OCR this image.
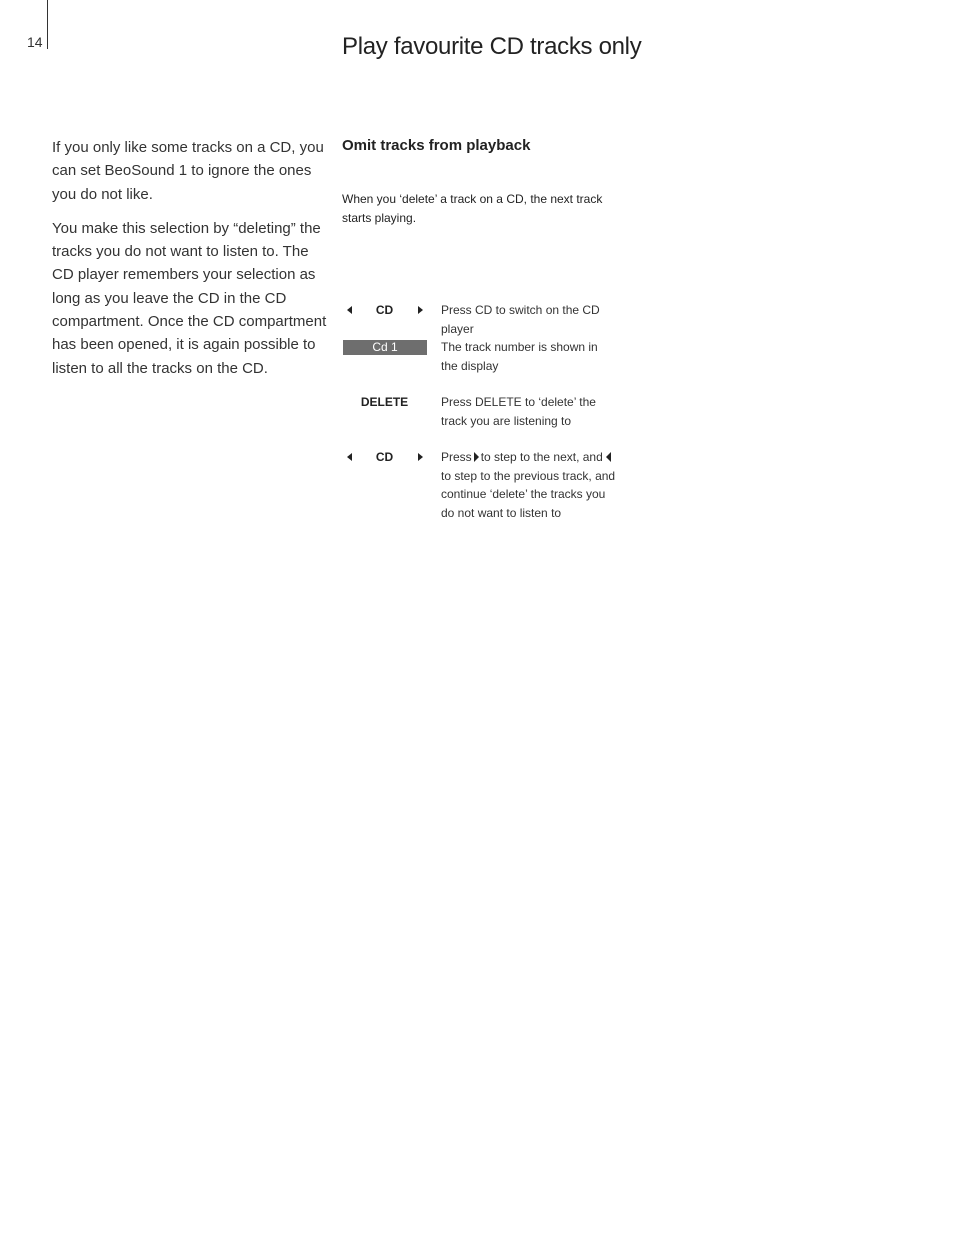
14	Play favourite CD tracks only

If you only like some tracks on a CD, you can set BeoSound 1 to ignore the ones you do not like.

You make this selection by “deleting” the tracks you do not want to listen to. The CD player remembers your selection as long as you leave the CD in the CD compartment. Once the CD compartment has been opened, it is again possible to listen to all the tracks on the CD.

Omit tracks from playback
When you ‘delete’ a track on a CD, the next track starts playing.
CD	Press CD to switch on the CD player
Cd 1	The track number is shown in the display
DELETE	Press DELETE to ‘delete’ the track you are listening to
CD	Press to step to the next, and to step to the previous track, and continue ‘delete’ the tracks you do not want to listen to
